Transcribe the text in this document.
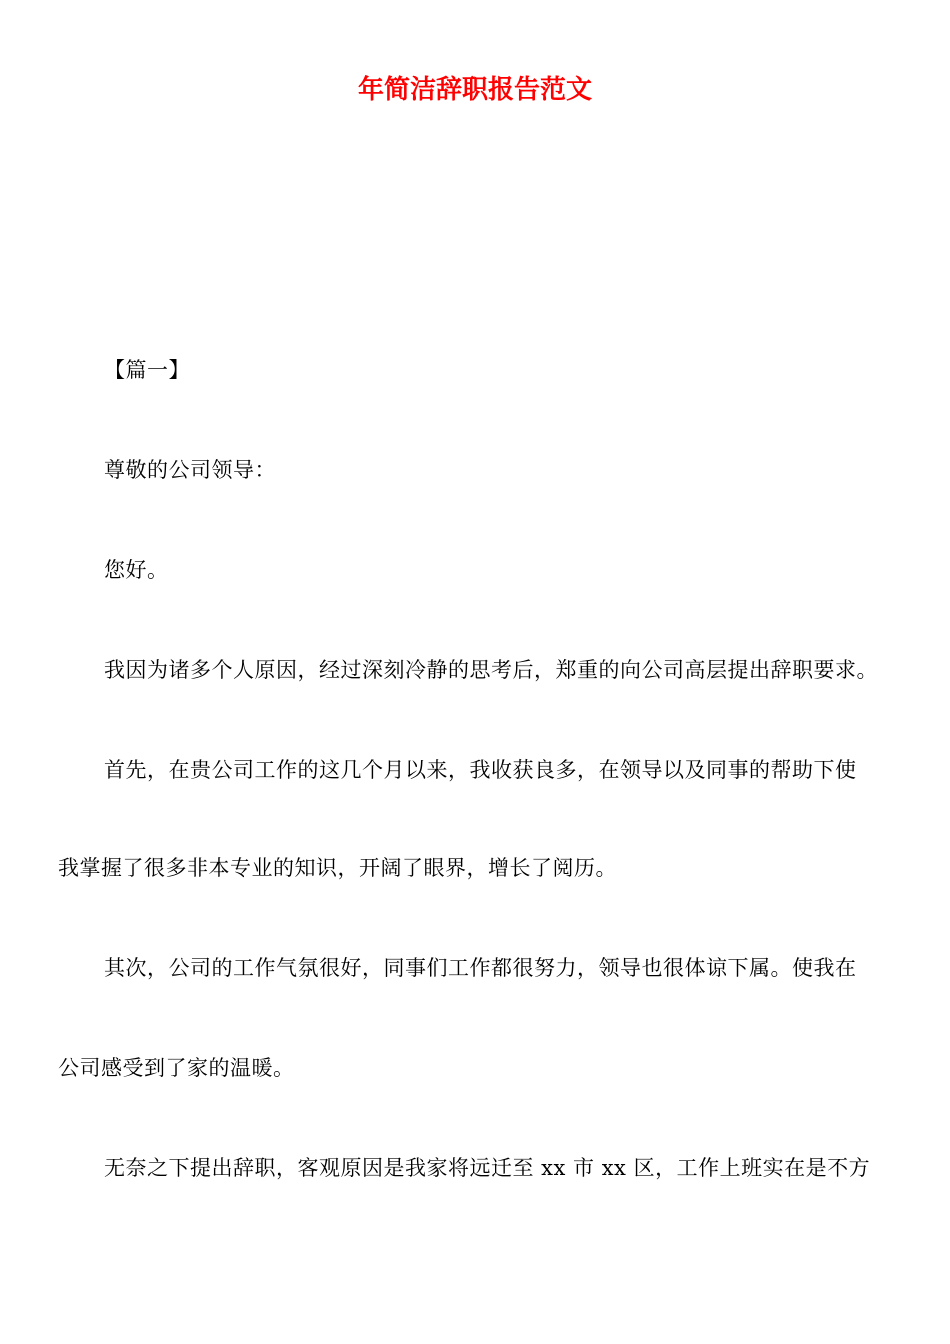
年简洁辞职报告范文

【篇一】

尊敬的公司领导：

您好。

我因为诸多个人原因，经过深刻冷静的思考后，郑重的向公司高层提出辞职要求。

首先，在贵公司工作的这几个月以来，我收获良多，在领导以及同事的帮助下使

我掌握了很多非本专业的知识，开阔了眼界，增长了阅历。

其次，公司的工作气氛很好，同事们工作都很努力，领导也很体谅下属。使我在

公司感受到了家的温暖。

无奈之下提出辞职，客观原因是我家将远迁至 xx 市 xx 区，工作上班实在是不方
